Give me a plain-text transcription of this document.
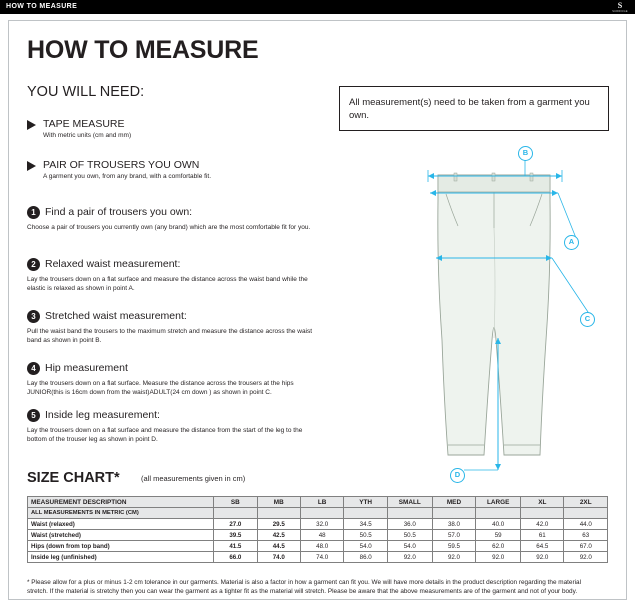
HOW TO MEASURE	S
SURRIDGE
HOW TO MEASURE
YOU WILL NEED:
TAPE MEASURE
With metric units (cm and mm)
PAIR OF TROUSERS YOU OWN
A garment you own, from any brand, with a comfortable fit.
All measurement(s) need to be taken from a garment you own.
1 Find a pair of trousers you own:
Choose a pair of trousers you currently own (any brand) which are the most comfortable fit for you.
2 Relaxed waist measurement:
Lay the trousers down on a flat surface and measure the distance across the waist band while the elastic is relaxed as shown in point A.
3 Stretched waist measurement:
Pull the waist band the trousers to the maximum stretch and measure the distance across the waist band as shown in point B.
4 Hip measurement
Lay the trousers down on a flat surface. Measure the distance across the trousers at the hips JUNIOR(this is 16cm down from the waist)ADULT(24 cm down ) as shown in point C.
5 Inside leg measurement:
Lay the trousers down on a flat surface and measure the distance from the start of the leg to the bottom of the trouser leg as shown in point D.
A
B
C
D
SIZE CHART*	(all measurements given in cm)
MEASUREMENT DESCRIPTION	SB	MB	LB	YTH	SMALL	MED	LARGE	XL	2XL
ALL MEASUREMENTS IN METRIC (CM)									
Waist (relaxed)	27.0	29.5	32.0	34.5	36.0	38.0	40.0	42.0	44.0
Waist (stretched)	39.5	42.5	48	50.5	50.5	57.0	59	61	63
Hips (down from top band)	41.5	44.5	48.0	54.0	54.0	59.5	62.0	64.5	67.0
Inside leg (unfinished)	66.0	74.0	74.0	86.0	92.0	92.0	92.0	92.0	92.0
* Please allow for a plus or minus 1-2 cm tolerance in our garments. Material is also a factor in how a garment can fit you. We will have more details in the product description regarding the material stretch. If the material is stretchy then you can wear the garment as a tighter fit as the material will stretch. Please be aware that the above measurements are of the garment and not of your body.
